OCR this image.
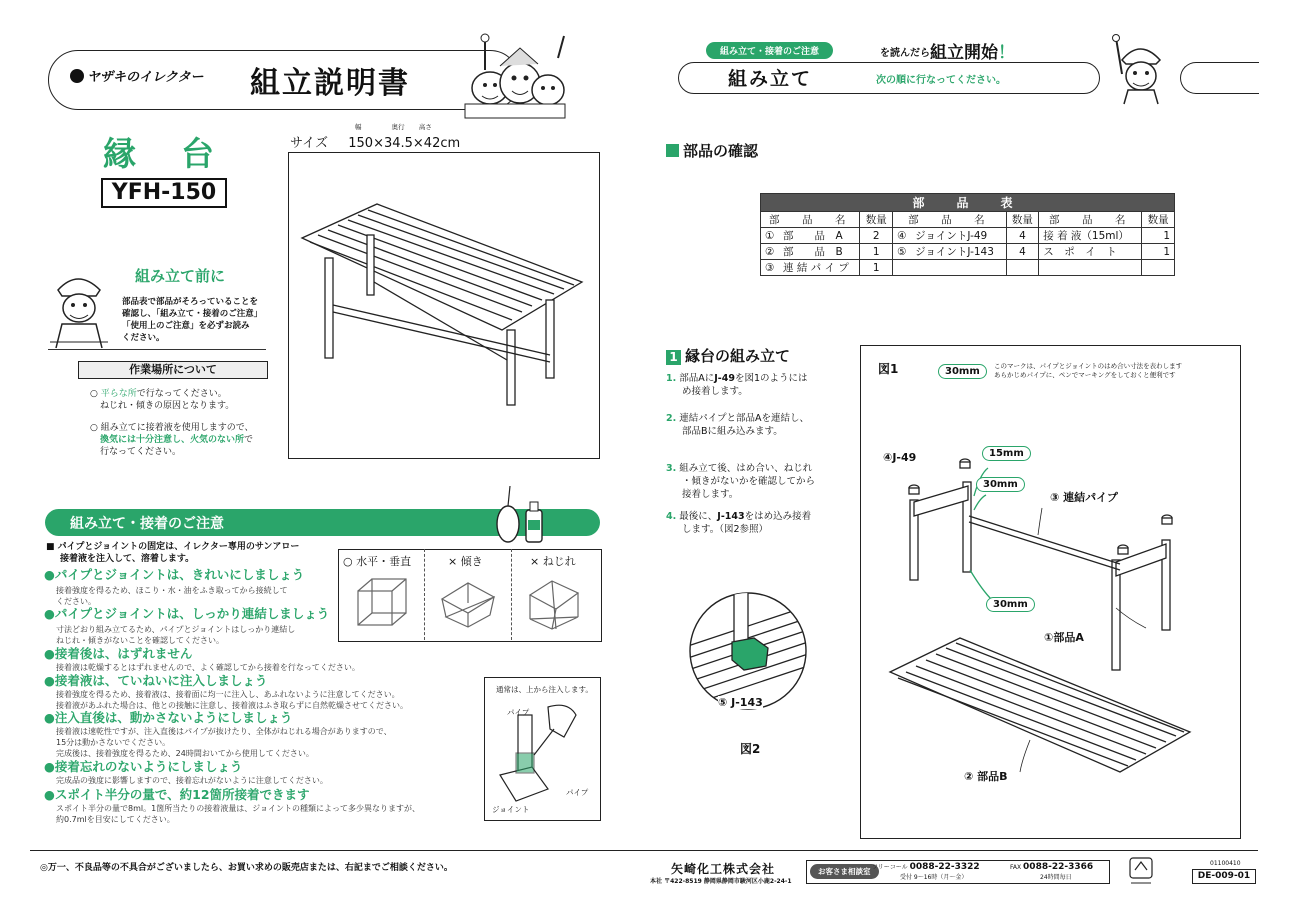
ヤザキのイレクター 組立説明書
縁　台
YFH-150
幅	奥行 高さ
サイズ 150×34.5×42cm
組み立て前に
部品表で部品がそろっていることを
確認し、「組み立て・接着のご注意」
「使用上のご注意」を必ずお読み
ください。
作業場所について
○ 平らな所で行なってください。
ねじれ・傾きの原因となります。
○ 組み立てに接着液を使用しますので、
換気には十分注意し、火気のない所で
行なってください。
組み立て・接着のご注意
■ パイプとジョイントの固定は、イレクター専用のサンアロー
接着液を注入して、溶着します。
●パイプとジョイントは、きれいにしましょう
接着強度を得るため、ほこり・水・油をふき取ってから接続して
ください。
●パイプとジョイントは、しっかり連結しましょう
寸法どおり組み立てるため、パイプとジョイントはしっかり連結し
ねじれ・傾きがないことを確認してください。
●接着後は、はずれません
接着液は乾燥するとはずれませんので、よく確認してから接着を行なってください。
●接着液は、ていねいに注入しましょう
接着強度を得るため、接着液は、接着面に均一に注入し、あふれないように注意してください。
接着液があふれた場合は、他との接触に注意し、接着液はふき取らずに自然乾燥させてください。
●注入直後は、動かさないようにしましょう
接着液は速乾性ですが、注入直後はパイプが抜けたり、全体がねじれる場合がありますので、
15分は動かさないでください。
完成後は、接着強度を得るため、24時間おいてから使用してください。
●接着忘れのないようにしましょう
完成品の強度に影響しますので、接着忘れがないように注意してください。
●スポイト半分の量で、約12箇所接着できます
スポイト半分の量で8ml。1箇所当たりの接着液量は、ジョイントの種類によって多少異なりますが、
約0.7mlを目安にしてください。
○ 水平・垂直	× 傾き	× ねじれ
通常は、上から注入します。
パイプ
パイプ
ジョイント
◎万一、不良品等の不具合がございましたら、お買い求めの販売店または、右記までご相談ください。
組み立て・接着のご注意	を読んだら 組立開始！
組み立て	次の順に行なってください。
部品の確認
部　品　表							
部　品　名		数量	部　品　名		数量	部　品　名	数量
①	部　　品　A	2	④	ジョイントJ-49	4	接 着 液（15ml）	1
②	部　　品　B	1	⑤	ジョイントJ-143	4	ス　ポ　イ　ト	1
③	連 結 パ イ プ	1					
1 縁台の組み立て
1. 部品AにJ-49を図1のようには
め接着します。
2. 連結パイプと部品Aを連結し、
部品Bに組み込みます。
3. 組み立て後、はめ合い、ねじれ
・傾きがないかを確認してから
接着します。
4. 最後に、J-143をはめ込み接着
します。（図2参照）
⑤ J-143
図2
図1	30mm	このマークは、パイプとジョイントのはめ合い寸法を表わします
あらかじめパイプに、ペンでマーキングをしておくと便利です
④J-49	15mm
30mm
30mm
③ 連結パイプ
①部品A
② 部品B
矢崎化工株式会社
本社 〒422-8519 静岡県静岡市駿河区小鹿2-24-1
お客さま相談室 フリーコール 0088-22-3322	FAX 0088-22-3366
受付 9～16時（月～金）	24時間毎日
01100410
DE-009-01
